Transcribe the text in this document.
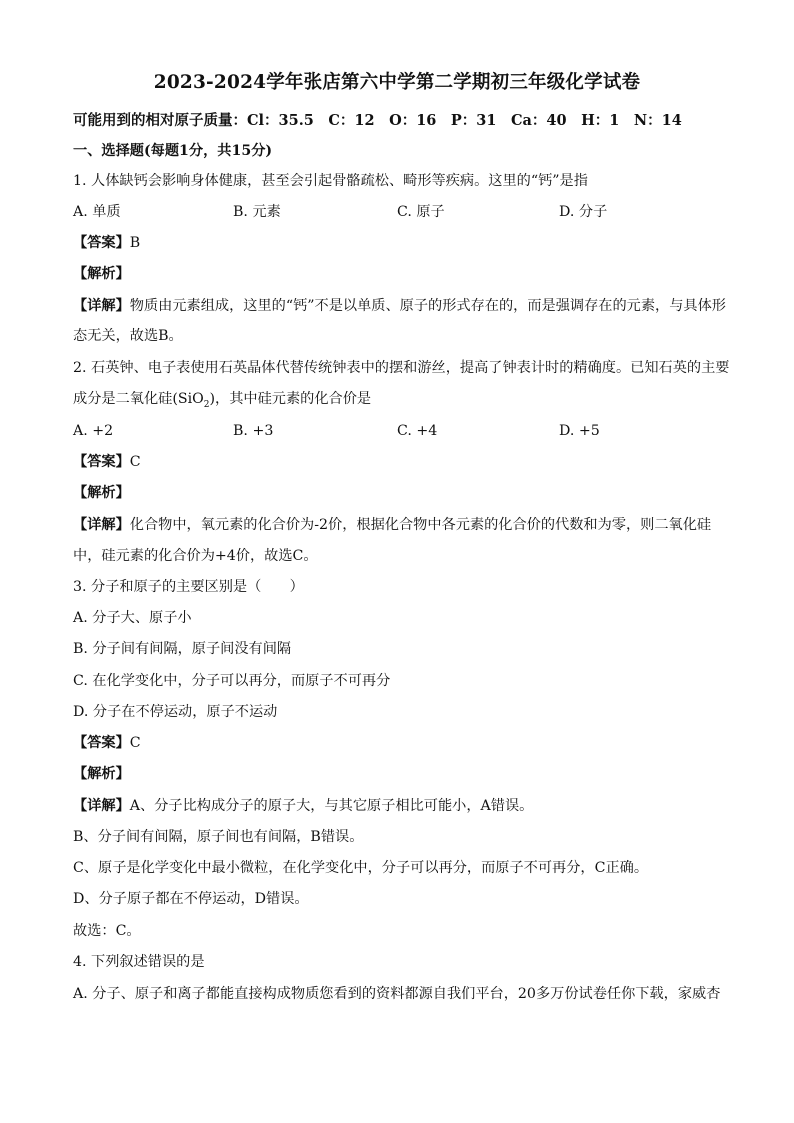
2023-2024学年张店第六中学第二学期初三年级化学试卷
可能用到的相对原子质量：Cl：35.5　C：12　O：16　P：31　Ca：40　H：1　N：14
一、选择题(每题1分，共15分)
1. 人体缺钙会影响身体健康，甚至会引起骨骼疏松、畸形等疾病。这里的“钙”是指
A. 单质	B. 元素	C. 原子	D. 分子
【答案】B
【解析】
【详解】物质由元素组成，这里的“钙”不是以单质、原子的形式存在的，而是强调存在的元素，与具体形
态无关，故选B。
2. 石英钟、电子表使用石英晶体代替传统钟表中的摆和游丝，提高了钟表计时的精确度。已知石英的主要
成分是二氧化硅(SiO$_2$)，其中硅元素的化合价是
A. +2	B. +3	C. +4	D. +5
【答案】C
【解析】
【详解】化合物中，氧元素的化合价为-2价，根据化合物中各元素的化合价的代数和为零，则二氧化硅
中，硅元素的化合价为+4价，故选C。
3. 分子和原子的主要区别是（　　）
A. 分子大、原子小
B. 分子间有间隔，原子间没有间隔
C. 在化学变化中，分子可以再分，而原子不可再分
D. 分子在不停运动，原子不运动
【答案】C
【解析】
【详解】A、分子比构成分子的原子大，与其它原子相比可能小，A错误。
B、分子间有间隔，原子间也有间隔，B错误。
C、原子是化学变化中最小微粒，在化学变化中，分子可以再分，而原子不可再分，C正确。
D、分子原子都在不停运动，D错误。
故选：C。
4. 下列叙述错误的是
A. 分子、原子和离子都能直接构成物质您看到的资料都源自我们平台，20多万份试卷任你下载，家威杏
